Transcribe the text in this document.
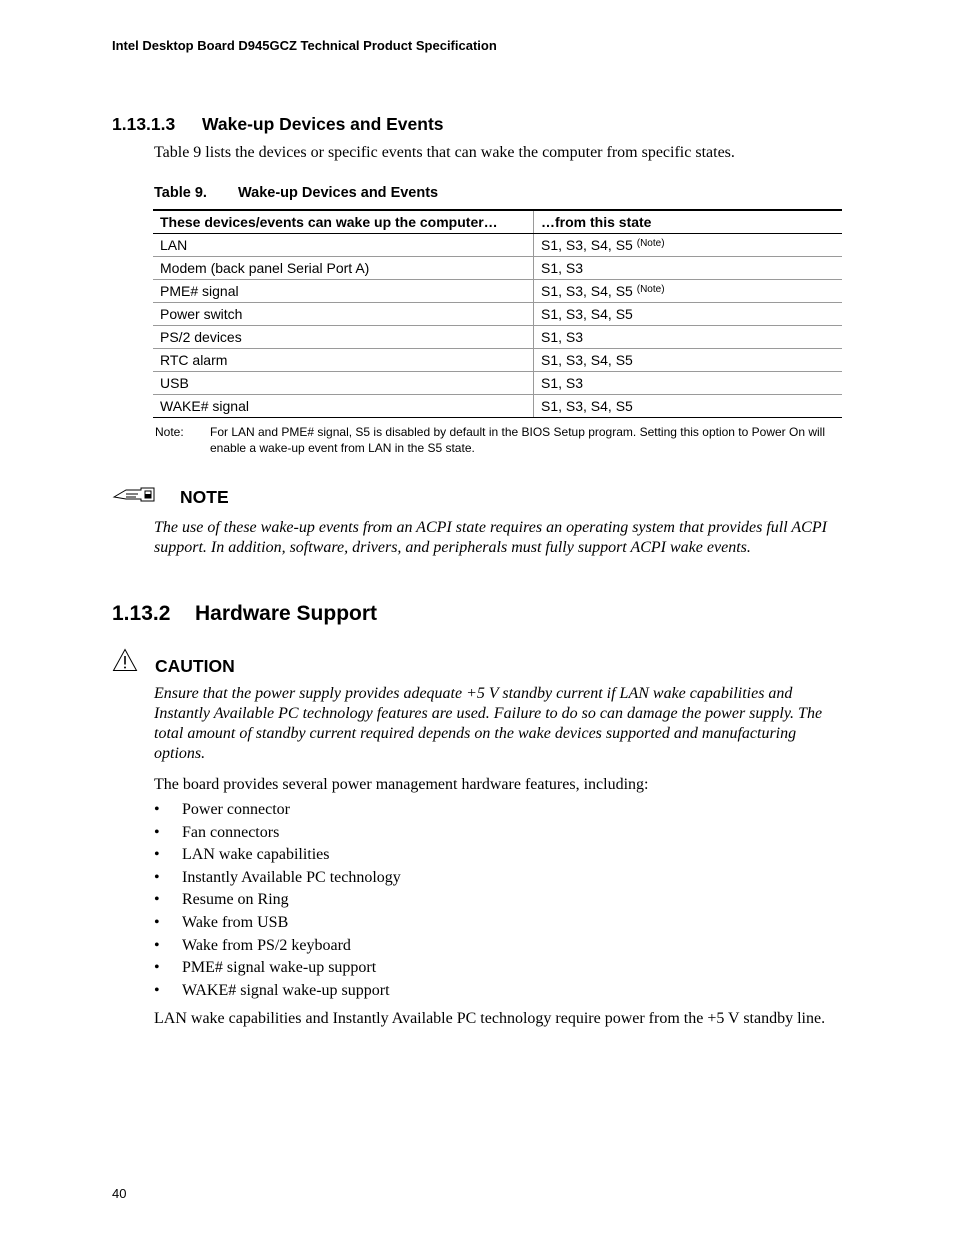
Intel Desktop Board D945GCZ Technical Product Specification
1.13.1.3 Wake-up Devices and Events
Table 9 lists the devices or specific events that can wake the computer from specific states.
Table 9. Wake-up Devices and Events
These devices/events can wake up the computer…	…from this state
LAN	S1, S3, S4, S5 $^{(Note)}$
Modem (back panel Serial Port A)	S1, S3
PME# signal	S1, S3, S4, S5 $^{(Note)}$
Power switch	S1, S3, S4, S5
PS/2 devices	S1, S3
RTC alarm	S1, S3, S4, S5
USB	S1, S3
WAKE# signal	S1, S3, S4, S5
Note: For LAN and PME# signal, S5 is disabled by default in the BIOS Setup program. Setting this option to Power On will enable a wake-up event from LAN in the S5 state.
NOTE
The use of these wake-up events from an ACPI state requires an operating system that provides full ACPI support. In addition, software, drivers, and peripherals must fully support ACPI wake events.
1.13.2 Hardware Support
CAUTION
Ensure that the power supply provides adequate +5 V standby current if LAN wake capabilities and Instantly Available PC technology features are used. Failure to do so can damage the power supply. The total amount of standby current required depends on the wake devices supported and manufacturing options.
The board provides several power management hardware features, including:
• Power connector
• Fan connectors
• LAN wake capabilities
• Instantly Available PC technology
• Resume on Ring
• Wake from USB
• Wake from PS/2 keyboard
• PME# signal wake-up support
• WAKE# signal wake-up support
LAN wake capabilities and Instantly Available PC technology require power from the +5 V standby line.
40
